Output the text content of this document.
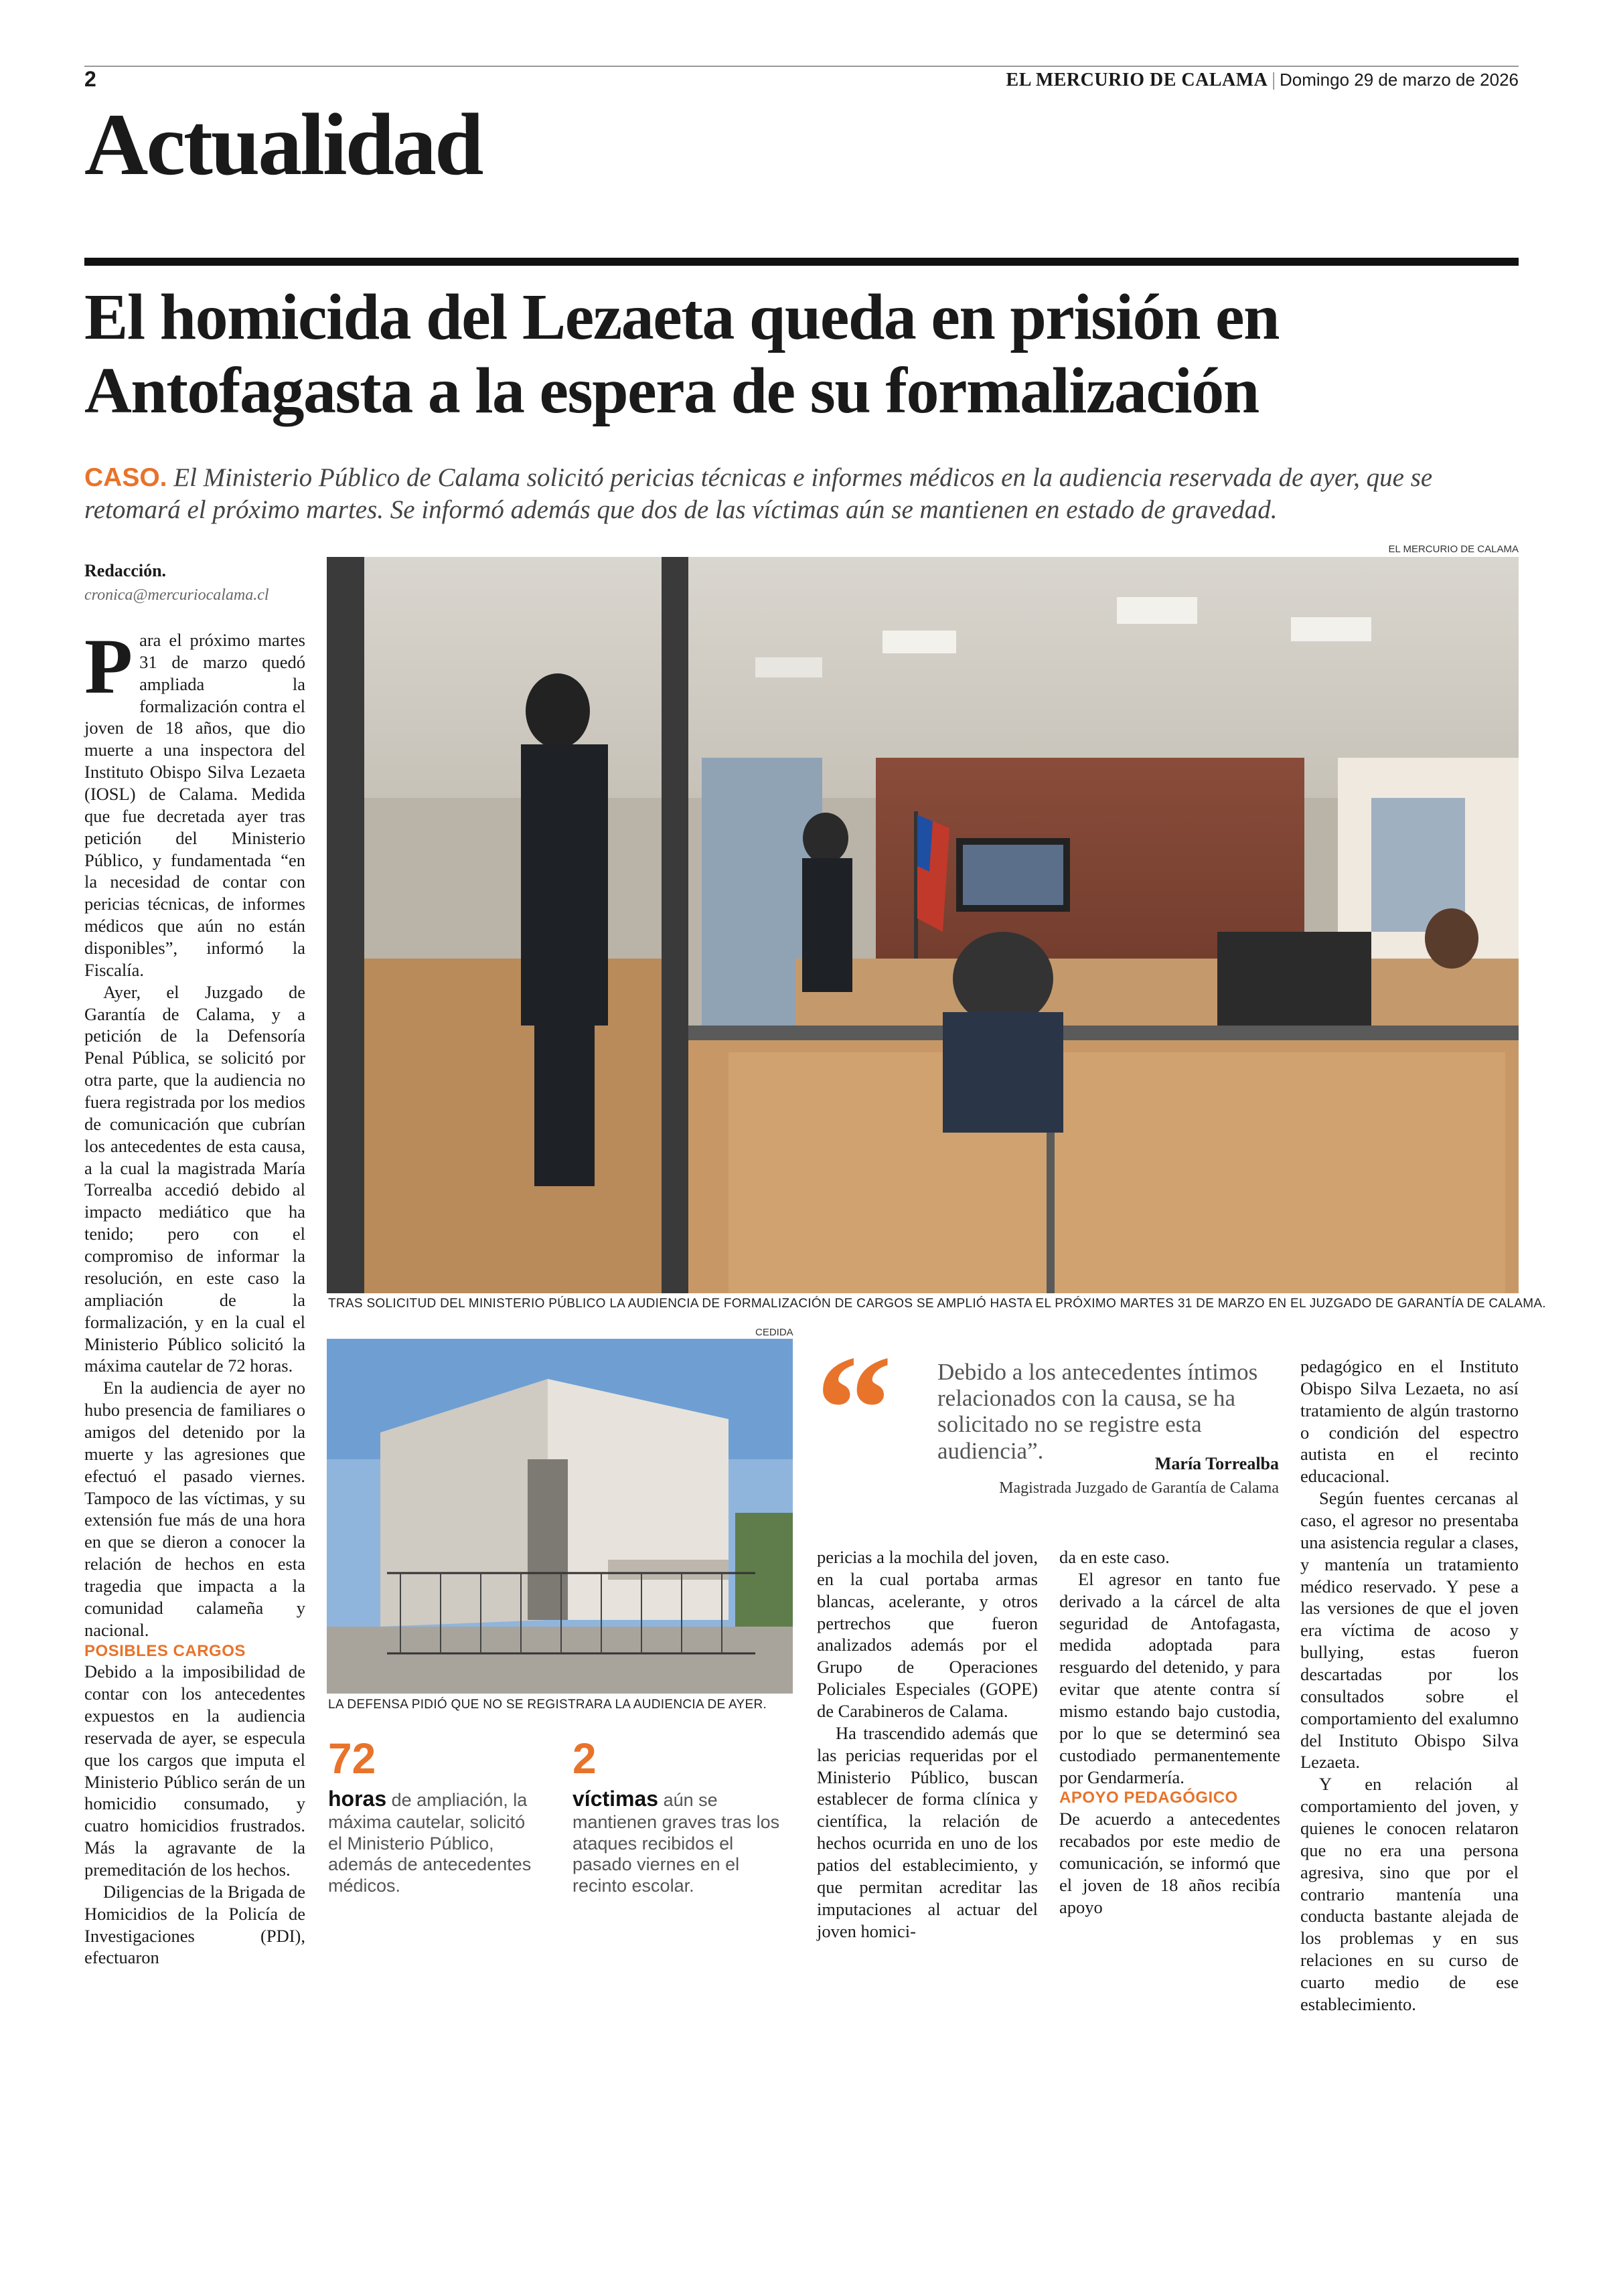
2	EL MERCURIO DE CALAMA | Domingo 29 de marzo de 2026
Actualidad
El homicida del Lezaeta queda en prisión en Antofagasta a la espera de su formalización
CASO. El Ministerio Público de Calama solicitó pericias técnicas e informes médicos en la audiencia reservada de ayer, que se retomará el próximo martes. Se informó además que dos de las víctimas aún se mantienen en estado de gravedad.
Redacción.
cronica@mercuriocalama.cl
EL MERCURIO DE CALAMA
TRAS SOLICITUD DEL MINISTERIO PÚBLICO LA AUDIENCIA DE FORMALIZACIÓN DE CARGOS SE AMPLIÓ HASTA EL PRÓXIMO MARTES 31 DE MARZO EN EL JUZGADO DE GARANTÍA DE CALAMA.

Para el próximo martes 31 de marzo quedó ampliada la formalización contra el joven de 18 años, que dio muerte a una inspectora del Instituto Obispo Silva Lezaeta (IOSL) de Calama. Medida que fue decretada ayer tras petición del Ministerio Público, y fundamentada “en la necesidad de contar con pericias técnicas, de informes médicos que aún no están disponibles”, informó la Fiscalía.

Ayer, el Juzgado de Garantía de Calama, y a petición de la Defensoría Penal Pública, se solicitó por otra parte, que la audiencia no fuera registrada por los medios de comunicación que cubrían los antecedentes de esta causa, a la cual la magistrada María Torrealba accedió debido al impacto mediático que ha tenido; pero con el compromiso de informar la resolución, en este caso la ampliación de la formalización, y en la cual el Ministerio Público solicitó la máxima cautelar de 72 horas.

En la audiencia de ayer no hubo presencia de familiares o amigos del detenido por la muerte y las agresiones que efectuó el pasado viernes. Tampoco de las víctimas, y su extensión fue más de una hora en que se dieron a conocer la relación de hechos en esta tragedia que impacta a la comunidad calameña y nacional.

POSIBLES CARGOS

Debido a la imposibilidad de contar con los antecedentes expuestos en la audiencia reservada de ayer, se especula que los cargos que imputa el Ministerio Público serán de un homicidio consumado, y cuatro homicidios frustrados. Más la agravante de la premeditación de los hechos.

Diligencias de la Brigada de Homicidios de la Policía de Investigaciones (PDI), efectuaron

CEDIDA
LA DEFENSA PIDIÓ QUE NO SE REGISTRARA LA AUDIENCIA DE AYER.
72
horas de ampliación, la máxima cautelar, solicitó el Ministerio Público, además de antecedentes médicos.
2
víctimas aún se mantienen graves tras los ataques recibidos el pasado viernes en el recinto escolar.
“ Debido a los antecedentes íntimos relacionados con la causa, se ha solicitado no se registre esta audiencia”.	María Torrealba
Magistrada Juzgado de Garantía de Calama

pericias a la mochila del joven, en la cual portaba armas blancas, acelerante, y otros pertrechos que fueron analizados además por el Grupo de Operaciones Policiales Especiales (GOPE) de Carabineros de Calama.

Ha trascendido además que las pericias requeridas por el Ministerio Público, buscan establecer de forma clínica y científica, la relación de hechos ocurrida en uno de los patios del establecimiento, y que permitan acreditar las imputaciones al actuar del joven homici-

da en este caso.

El agresor en tanto fue derivado a la cárcel de alta seguridad de Antofagasta, medida adoptada para resguardo del detenido, y para evitar que atente contra sí mismo estando bajo custodia, por lo que se determinó sea custodiado permanentemente por Gendarmería.

APOYO PEDAGÓGICO

De acuerdo a antecedentes recabados por este medio de comunicación, se informó que el joven de 18 años recibía apoyo

pedagógico en el Instituto Obispo Silva Lezaeta, no así tratamiento de algún trastorno o condición del espectro autista en el recinto educacional.

Según fuentes cercanas al caso, el agresor no presentaba una asistencia regular a clases, y mantenía un tratamiento médico reservado. Y pese a las versiones de que el joven era víctima de acoso y bullying, estas fueron descartadas por los consultados sobre el comportamiento del exalumno del Instituto Obispo Silva Lezaeta.

Y en relación al comportamiento del joven, y quienes le conocen relataron que no era una persona agresiva, sino que por el contrario mantenía una conducta bastante alejada de los problemas y en sus relaciones en su curso de cuarto medio de ese establecimiento.
